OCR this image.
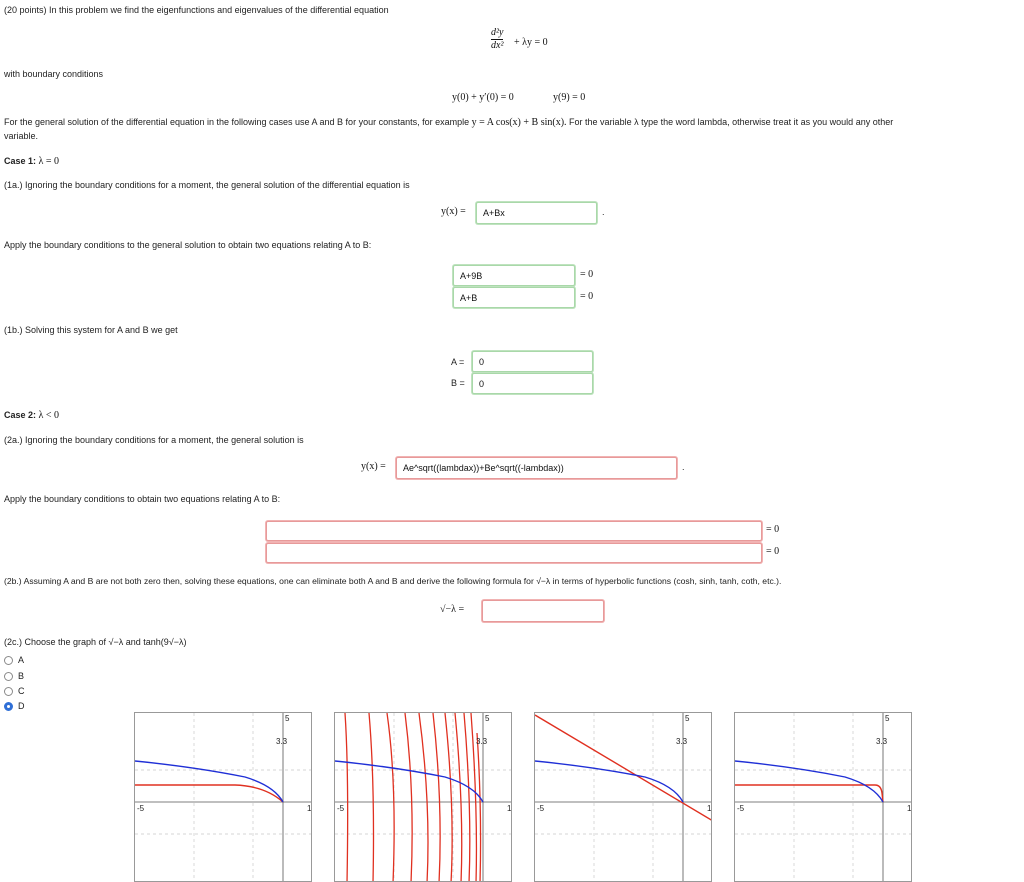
(20 points) In this problem we find the eigenfunctions and eigenvalues of the differential equation
$\frac{\text{d²y}}{\text{dx²}} + \lambda y = 0$
with boundary conditions
y(0) + y′(0) = 0	y(9) = 0
For the general solution of the differential equation in the following cases use A and B for your constants, for example y = A cos(x) + B sin(x). For the variable λ type the word lambda, otherwise treat it as you would any other
variable.
Case 1: λ = 0
(1a.) Ignoring the boundary conditions for a moment, the general solution of the differential equation is
y(x) =
A+Bx	.
Apply the boundary conditions to the general solution to obtain two equations relating A to B:
A+9B
= 0
A+B
= 0
(1b.) Solving this system for A and B we get
A =
0
B =
0
Case 2: λ < 0
(2a.) Ignoring the boundary conditions for a moment, the general solution is
y(x) =
Ae^sqrt((lambdax))+Be^sqrt((-lambdax))	.
Apply the boundary conditions to obtain two equations relating A to B:
= 0
= 0
(2b.) Assuming A and B are not both zero then, solving these equations, one can eliminate both A and B and derive the following formula for √−λ in terms of hyperbolic functions (cosh, sinh, tanh, coth, etc.).
√−λ =
(2c.) Choose the graph of √−λ and tanh(9√−λ)
A
B
C
D
5
3.3
-5	1
5
3.3
-5	1
5
3.3
-5	1
5
3.3
-5	1
